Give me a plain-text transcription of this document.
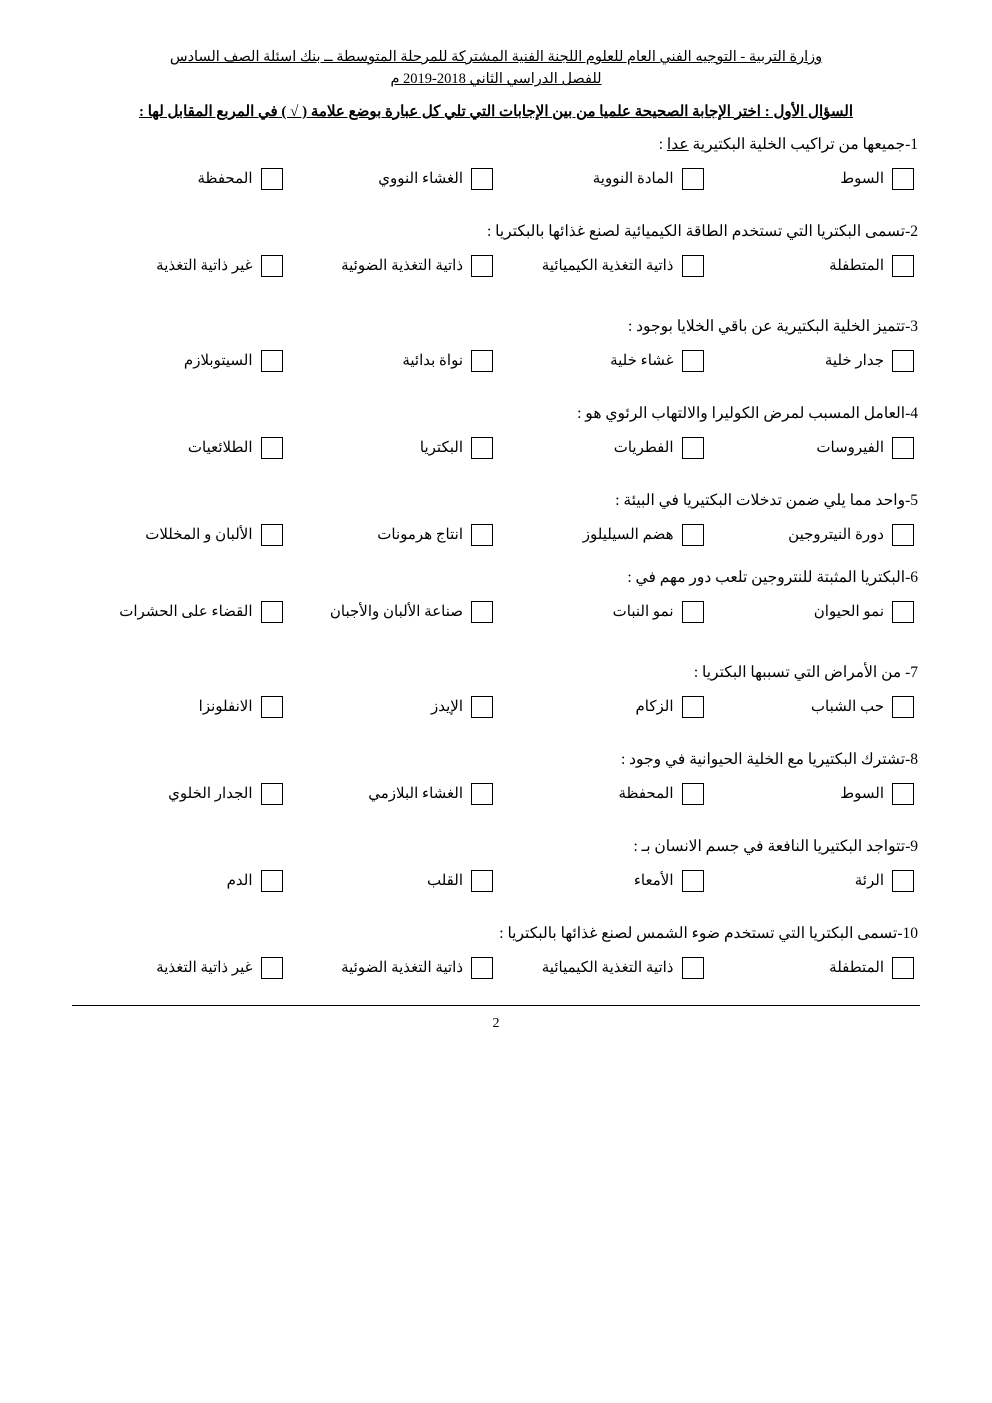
وزارة التربية - التوجيه الفني العام للعلوم اللجنة الفنية المشتركة للمرحلة المتوسطة ــ بنك اسئلة الصف السادس
للفصل الدراسي الثاني 2018-2019 م
السؤال الأول : اختر الإجابة الصحيحة علميا من بين الإجابات التي تلي كل عبارة بوضع علامة ( √ ) في المربع المقابل لها :
1-جميعها من تراكيب الخلية البكتيرية عدا :
السوط
المادة النووية
الغشاء النووي
المحفظة
2-تسمى البكتريا التي تستخدم الطاقة الكيميائية لصنع غذائها بالبكتريا :
المتطفلة
ذاتية التغذية الكيميائية
ذاتية التغذية الضوئية
غير ذاتية التغذية
3-تتميز الخلية البكتيرية عن باقي الخلايا بوجود :
جدار خلية
غشاء خلية
نواة بدائية
السيتوبلازم
4-العامل المسبب لمرض الكوليرا والالتهاب الرئوي هو :
الفيروسات
الفطريات
البكتريا
الطلائعيات
5-واحد مما يلي ضمن تدخلات البكتيريا في البيئة :
دورة النيتروجين
هضم السيليلوز
انتاج هرمونات
الألبان و المخللات
6-البكتريا المثبتة للنتروجين تلعب دور مهم في :
نمو الحيوان
نمو النبات
صناعة الألبان والأجبان
القضاء على الحشرات
7- من الأمراض التي تسببها البكتريا :
حب الشباب
الزكام
الإيدز
الانفلونزا
8-تشترك البكتيريا مع الخلية الحيوانية في وجود :
السوط
المحفظة
الغشاء البلازمي
الجدار الخلوي
9-تتواجد البكتيريا النافعة في جسم الانسان بـ :
الرئة
الأمعاء
القلب
الدم
10-تسمى البكتريا التي تستخدم ضوء الشمس لصنع غذائها بالبكتريا :
المتطفلة
ذاتية التغذية الكيميائية
ذاتية التغذية الضوئية
غير ذاتية التغذية
2
